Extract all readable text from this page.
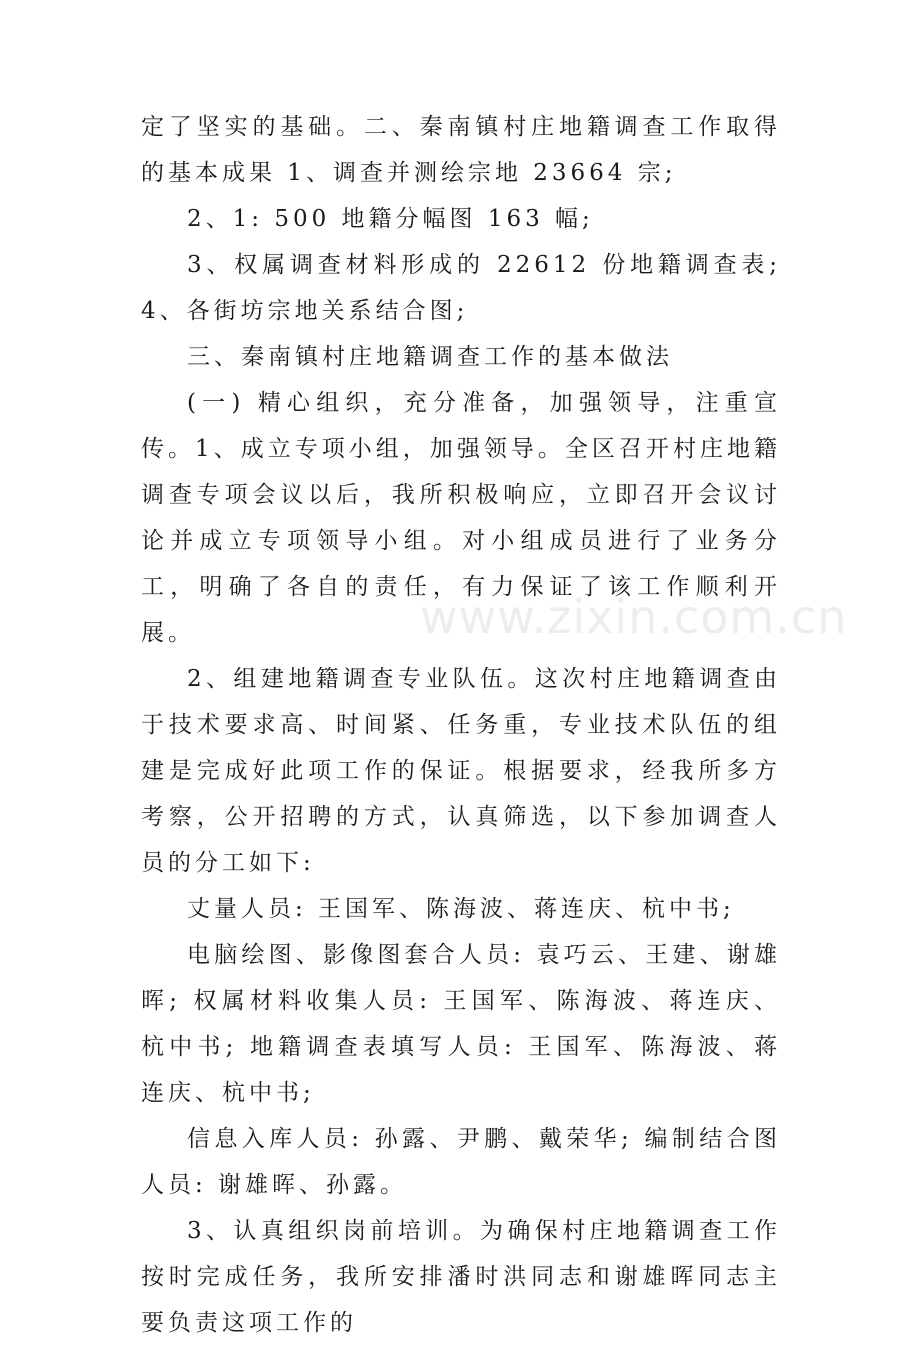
www.zixin.com.cn

定了坚实的基础。二、秦南镇村庄地籍调查工作取得的基本成果 1、调查并测绘宗地 23664 宗;

2、1: 500 地籍分幅图 163 幅;

3、权属调查材料形成的 22612 份地籍调查表; 4、各街坊宗地关系结合图;

三、秦南镇村庄地籍调查工作的基本做法

(一) 精心组织，充分准备，加强领导，注重宣传。1、成立专项小组，加强领导。全区召开村庄地籍调查专项会议以后，我所积极响应，立即召开会议讨论并成立专项领导小组。对小组成员进行了业务分工，明确了各自的责任，有力保证了该工作顺利开展。

2、组建地籍调查专业队伍。这次村庄地籍调查由于技术要求高、时间紧、任务重，专业技术队伍的组建是完成好此项工作的保证。根据要求，经我所多方考察，公开招聘的方式，认真筛选，以下参加调查人员的分工如下:

丈量人员: 王国军、陈海波、蒋连庆、杭中书;

电脑绘图、影像图套合人员: 袁巧云、王建、谢雄晖; 权属材料收集人员: 王国军、陈海波、蒋连庆、杭中书; 地籍调查表填写人员: 王国军、陈海波、蒋连庆、杭中书;

信息入库人员: 孙露、尹鹏、戴荣华; 编制结合图人员: 谢雄晖、孙露。

3、认真组织岗前培训。为确保村庄地籍调查工作按时完成任务，我所安排潘时洪同志和谢雄晖同志主要负责这项工作的
